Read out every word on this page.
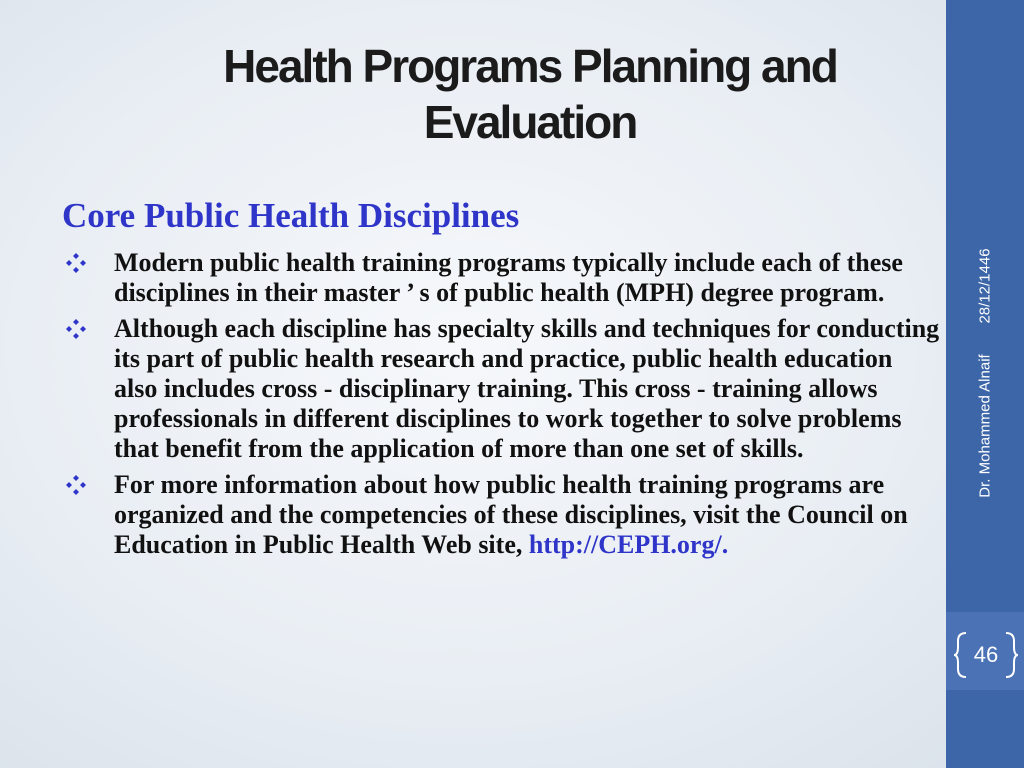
Health Programs Planning and
Evaluation
Core Public Health Disciplines
Modern public health training programs typically include each of these disciplines in their master ’ s of public health (MPH) degree program.
Although each discipline has specialty skills and techniques for conducting its part of public health research and practice, public health education also includes cross - disciplinary training. This cross - training allows professionals in different disciplines to work together to solve problems that benefit from the application of more than one set of skills.
For more information about how public health training programs are organized and the competencies of these disciplines, visit the Council on Education in Public Health Web site, http://CEPH.org/.
28/12/1446
Dr. Mohammed Alnaif
46
